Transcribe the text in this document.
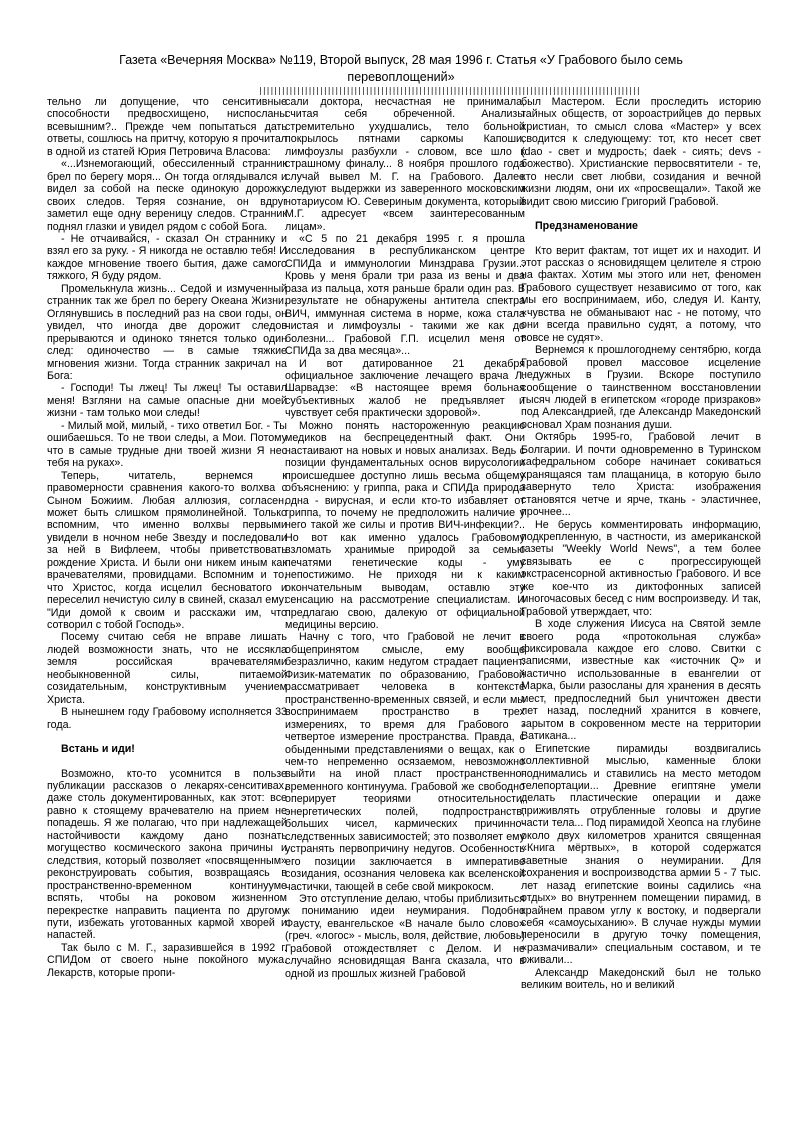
Газета «Вечерняя Москва» №119, Второй выпуск, 28 мая 1996 г. Статья «У Грабового было семь
перевоплощений»
||||||||||||||||||||||||||||||||||||||||||||||||||||||||||||||||||||||||||||||||||||||||||||||||||||

тельно ли допущение, что сенситивные способности предвосхищено, ниспосланы всевышним?.. Прежде чем попытаться дать ответы, сошлюсь на притчу, которую я прочитал в одной из статей Юрия Петровича Власова:

«...Изнемогающий, обессиленный странник брел по берегу моря... Он тогда оглядывался и видел за собой на песке одинокую дорожку своих следов. Теряя сознание, он вдруг заметил еще одну вереницу следов. Странник поднял глазки и увидел рядом с собой Бога.

- Не отчаивайся, - сказал Он страннику и взял его за руку. - Я никогда не оставлю тебя! И каждое мгновение твоего бытия, даже самого тяжкого, Я буду рядом.

Промелькнула жизнь... Седой и измученный странник так же брел по берегу Океана Жизни. Оглянувшись в последний раз на свои годы, он увидел, что иногда две дорожит следов прерываются и одиноко тянется только один след: одиночество — в самые тяжкие мгновения жизни. Тогда странник закричал на Бога:

- Господи! Ты лжец! Ты лжец! Ты оставил меня! Взгляни на самые опасные дни моей жизни - там только мои следы!

- Милый мой, милый, - тихо ответил Бог. - Ты ошибаешься. То не твои следы, а Мои. Потому что в самые трудные дни твоей жизни Я нес тебя на руках».

Теперь, читатель, вернемся к правомерности сравнения какого-то волхва с Сыном Божиим. Любая аллюзия, согласен, может быть слишком прямолинейной. Только вспомним, что именно волхвы первыми увидели в ночном небе Звезду и последовали за ней в Вифлеем, чтобы приветствовать рождение Христа. И были они никем иным как врачевателями, провидцами. Вспомним и то, что Христос, когда исцелил бесноватого и переселил нечистую силу в свиней, сказал ему: "Иди домой к своим и расскажи им, что сотворил с тобой Господь».

Посему считаю себя не вправе лишать людей возможности знать, что не иссякла земля российская врачевателями необыкновенной силы, питаемой созидательным, конструктивным учением Христа.

В нынешнем году Грабовому исполняется 33 года.

Встань и иди!

Возможно, кто-то усомнится в пользе публикации рассказов о лекарях-сенситивах, даже столь документированных, как этот: все равно к стоящему врачевателю на прием не попадешь. Я же полагаю, что при надлежащей настойчивости каждому дано познать могущество космического закона причины и следствия, который позволяет «посвященным» реконструировать события, возвращаясь в пространственно-временном континууме вспять, чтобы на роковом жизненном перекрестке направить пациента по другому пути, избежать уготованных кармой хворей и напастей.

Так было с М. Г., заразившейся в 1992 г. СПИДом от своего ныне покойного мужа. Лекарств, которые пропи-

сали доктора, несчастная не принимала, считая себя обреченной. Анализы стремительно ухудшались, тело больной покрылось пятнами саркомы Капоши, лимфоузлы разбухли - словом, все шло к страшному финалу... 8 ноября прошлого года случай вывел М. Г. на Грабового. Далее следуют выдержки из заверенного московским нотариусом Ю. Севериным документа, который М.Г. адресует «всем заинтересованным лицам».

«С 5 по 21 декабря 1995 г. я прошла исследования в республиканском центре СПИДа и иммунологии Минздрава Грузии... Кровь у меня брали три раза из вены и два раза из пальца, хотя раньше брали один раз. В результате не обнаружены антитела спектра ВИЧ, иммунная система в норме, кожа стала чистая и лимфоузлы - такими же как до болезни... Грабовой Г.П. исцелил меня от СПИДа за два месяца»...

И вот датированное 21 декабря официальное заключение лечащего врача Л. Шарвадзе: «В настоящее время больная субъективных жалоб не предъявляет и чувствует себя практически здоровой».

Можно понять настороженную реакцию медиков на беспрецедентный факт. Они настаивают на новых и новых анализах. Ведь с позиции фундаментальных основ вирусологии происшедшее доступно лишь весьма общему объяснению: у гриппа, рака и СПИДа природа одна - вирусная, и если кто-то избавляет от гриппа, то почему не предположить наличие у него такой же силы и против ВИЧ-инфекции?.. Но вот как именно удалось Грабовому взломать хранимые природой за семью печатями генетические коды - уму непостижимо. Не приходя ни к каким окончательным выводам, оставлю эту сенсацию на рассмотрение специалистам. И предлагаю свою, далекую от официальной медицины версию.

Начну с того, что Грабовой не лечит в общепринятом смысле, ему вообще безразлично, каким недугом страдает пациент. Физик-математик по образованию, Грабовой рассматривает человека в контексте пространственно-временных связей, и если мы воспринимаем пространство в трех измерениях, то время для Грабового - четвертое измерение пространства. Правда, с обыденными представлениями о вещах, как о чем-то непременно осязаемом, невозможно выйти на иной пласт пространственно-временного континуума. Грабовой же свободно оперирует теориями относительности, энергетических полей, подпространств, больших чисел, кармических причинно-следственных зависимостей; это позволяет ему устранять первопричину недугов. Особенность его позиции заключается в императиве созидания, осознания человека как вселенской частички, тающей в себе свой микрокосм.

Это отступление делаю, чтобы приблизиться к пониманию идеи неумирания. Подобно Фаусту, евангельское «В начале было слово» (греч. «логос» - мысль, воля, действие, любовь) Грабовой отождествляет с Делом. И не случайно ясновидящая Ванга сказала, что в одной из прошлых жизней Грабовой

был Мастером. Если проследить историю тайных обществ, от зороастрийцев до первых христиан, то смысл слова «Мастер» у всех сводится к следующему: тот, кто несет свет (dao - свет и мудрость; daek - сиять; devs - божество). Христианские первосвятители - те, кто несли свет любви, созидания и вечной жизни людям, они их «просвещали». Такой же видит свою миссию Григорий Грабовой.

Предзнаменование

Кто верит фактам, тот ищет их и находит. И этот рассказ о ясновидящем целителе я строю на фактах. Хотим мы этого или нет, феномен Грабового существует независимо от того, как мы его воспринимаем, ибо, следуя И. Канту, «чувства не обманывают нас - не потому, что они всегда правильно судят, а потому, что вовсе не судят».

Вернемся к прошлогоднему сентябрю, когда Грабовой провел массовое исцеление недужных в Грузии. Вскоре поступило сообщение о таинственном восстановлении тысяч людей в египетском «городе призраков» под Александрией, где Александр Македонский основал Храм познания души.

Октябрь 1995-го, Грабовой лечит в Болгарии. И почти одновременно в Туринском кафедральном соборе начинает сокиваться хранящаяся там плащаница, в которую было завернуто тело Христа: изображения становятся четче и ярче, ткань - эластичнее, прочнее...

Не берусь комментировать информацию, подкрепленную, в частности, из американской газеты "Weekly World News", а тем более связывать ее с прогрессирующей экстрасенсорной активностью Грабового. И все же кое-что из диктофонных записей многочасовых бесед с ним воспроизведу. И так, Грабовой утверждает, что:

В ходе служения Иисуса на Святой земле своего рода «протокольная служба» фиксировала каждое его слово. Свитки с записями, известные как «источник Q» и частично использованные в евангелии от Марка, были разосланы для хранения в десять мест, предпоследний был уничтожен двести лет назад, последний хранится в ковчеге, зарытом в сокровенном месте на территории Ватикана...

Египетские пирамиды воздвигались коллективной мыслью, каменные блоки поднимались и ставились на место методом телепортации... Древние египтяне умели делать пластические операции и даже приживлять отрубленные головы и другие части тела... Под пирамидой Хеопса на глубине около двух километров хранится священная «Книга мёртвых», в которой содержатся заветные знания о неумирании. Для сохранения и воспроизводства армии 5 - 7 тыс. лет назад египетские воины садились «на отдых» во внутреннем помещении пирамид, в крайнем правом углу к востоку, и подвергали себя «самоусыханию». В случае нужды мумии переносили в другую точку помещения, «размачивали» специальным составом, и те оживали...

Александр Македонский был не только великим воитель, но и великий
